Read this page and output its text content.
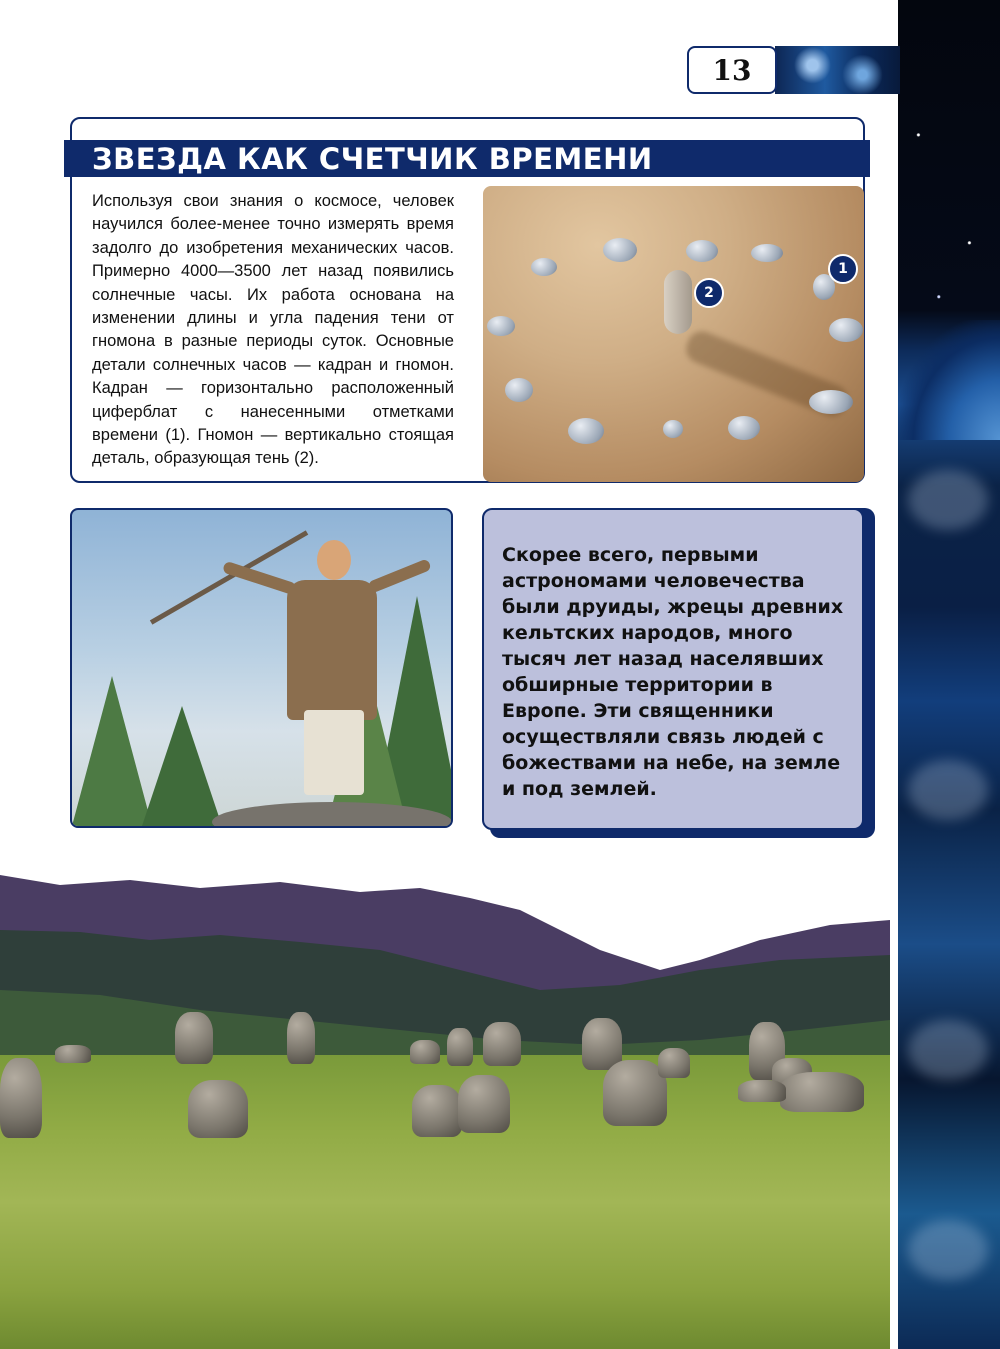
13
ЗВЕЗДА КАК СЧЕТЧИК ВРЕМЕНИ

Используя свои знания о космосе, человек научился более-менее точно измерять время задолго до изобретения механических часов. Примерно 4000—3500 лет назад появились солнечные часы. Их работа основана на изменении длины и угла падения тени от гномона в разные периоды суток. Основные детали солнечных часов — кадран и гномон. Кадран — горизонтально расположенный циферблат с нанесенными отметками времени (1). Гномон — вертикально стоящая деталь, образующая тень (2).

1
2

Скорее всего, первыми астрономами человечества были друиды, жрецы древних кельтских народов, много тысяч лет назад населявших обширные территории в Европе. Эти священники осуществляли связь людей с божествами на небе, на земле и под землей.
